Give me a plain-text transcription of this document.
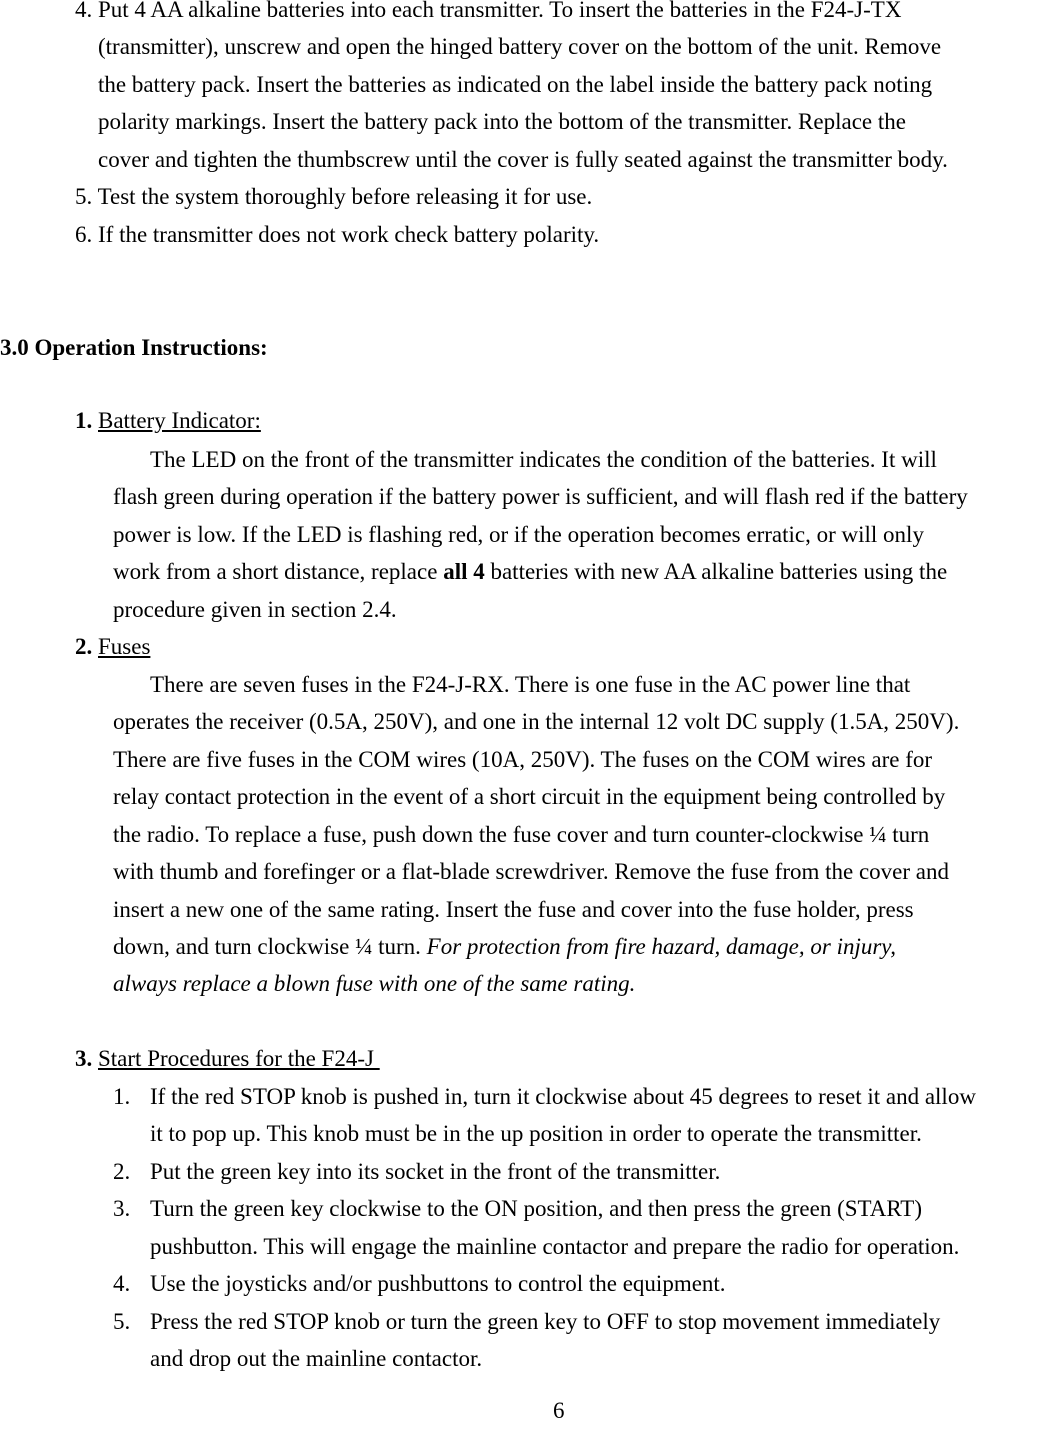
4. Put 4 AA alkaline batteries into each transmitter. To insert the batteries in the F24-J-TX
(transmitter), unscrew and open the hinged battery cover on the bottom of the unit. Remove
the battery pack. Insert the batteries as indicated on the label inside the battery pack noting
polarity markings. Insert the battery pack into the bottom of the transmitter. Replace the
cover and tighten the thumbscrew until the cover is fully seated against the transmitter body.
5. Test the system thoroughly before releasing it for use.
6. If the transmitter does not work check battery polarity.
3.0 Operation Instructions:
1. Battery Indicator:
The LED on the front of the transmitter indicates the condition of the batteries. It will
flash green during operation if the battery power is sufficient, and will flash red if the battery
power is low. If the LED is flashing red, or if the operation becomes erratic, or will only
work from a short distance, replace all 4 batteries with new AA alkaline batteries using the
procedure given in section 2.4.
2. Fuses
There are seven fuses in the F24-J-RX. There is one fuse in the AC power line that
operates the receiver (0.5A, 250V), and one in the internal 12 volt DC supply (1.5A, 250V).
There are five fuses in the COM wires (10A, 250V). The fuses on the COM wires are for
relay contact protection in the event of a short circuit in the equipment being controlled by
the radio. To replace a fuse, push down the fuse cover and turn counter-clockwise ¼ turn
with thumb and forefinger or a flat-blade screwdriver. Remove the fuse from the cover and
insert a new one of the same rating. Insert the fuse and cover into the fuse holder, press
down, and turn clockwise ¼ turn. For protection from fire hazard, damage, or injury,
always replace a blown fuse with one of the same rating.
3. Start Procedures for the F24-J
1. If the red STOP knob is pushed in, turn it clockwise about 45 degrees to reset it and allow
it to pop up. This knob must be in the up position in order to operate the transmitter.
2. Put the green key into its socket in the front of the transmitter.
3. Turn the green key clockwise to the ON position, and then press the green (START)
pushbutton. This will engage the mainline contactor and prepare the radio for operation.
4. Use the joysticks and/or pushbuttons to control the equipment.
5. Press the red STOP knob or turn the green key to OFF to stop movement immediately
and drop out the mainline contactor.
6
